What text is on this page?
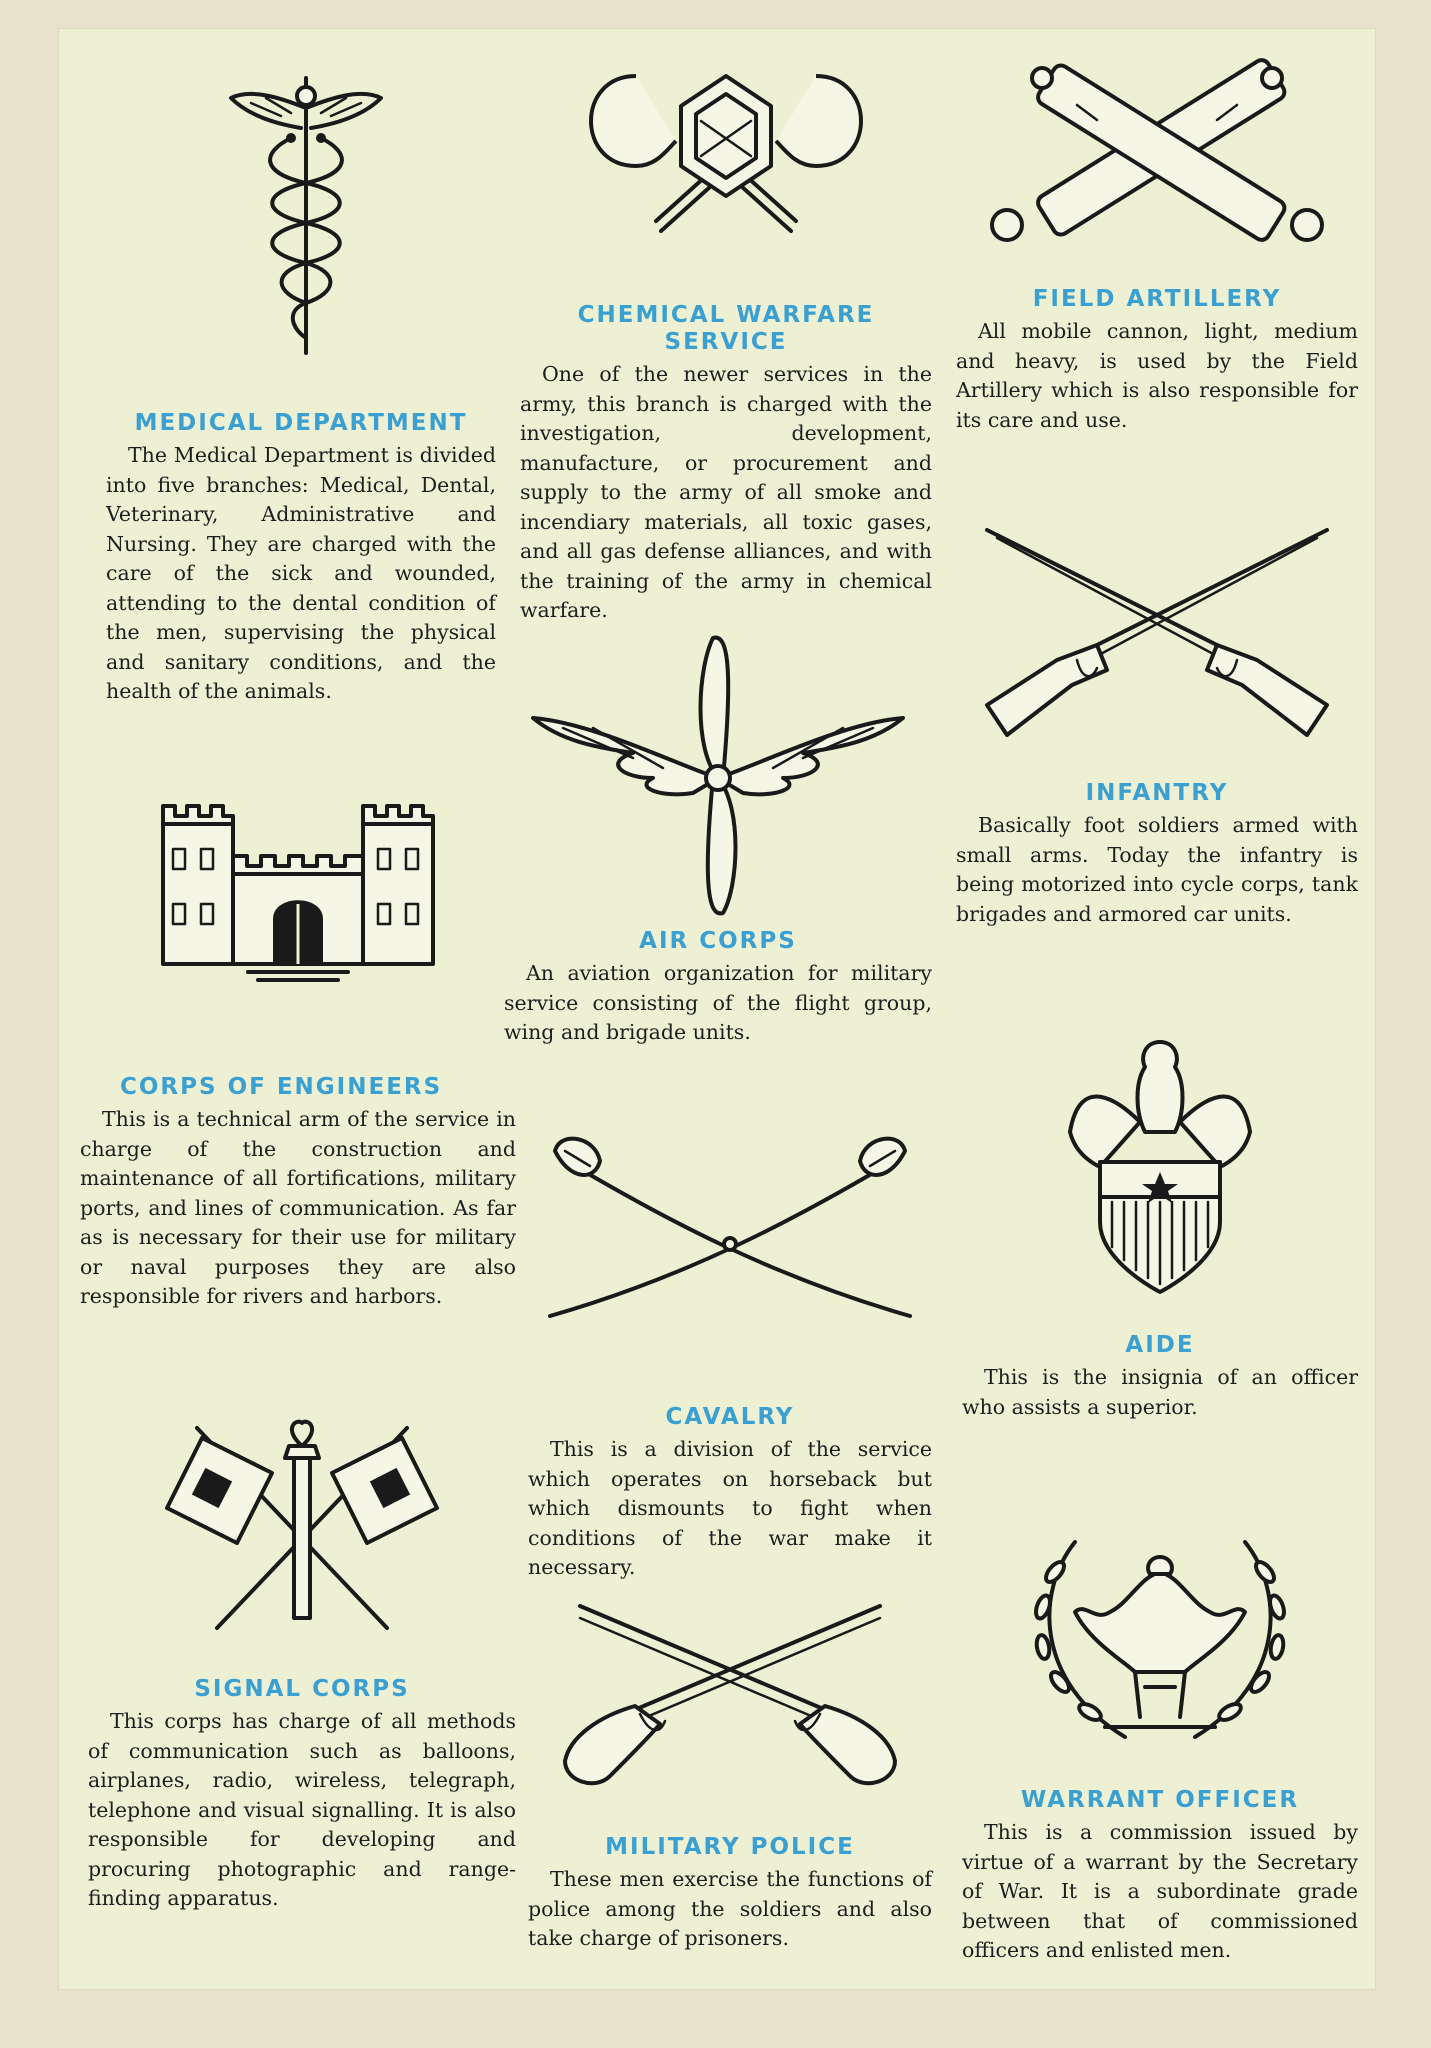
MEDICAL DEPARTMENT

The Medical Department is divided into five branches: Medical, Dental, Veterinary, Administrative and Nursing. They are charged with the care of the sick and wounded, attending to the dental condition of the men, supervising the physical and sanitary conditions, and the health of the animals.

CHEMICAL WARFARE SERVICE

One of the newer services in the army, this branch is charged with the investigation, development, manufacture, or procurement and supply to the army of all smoke and incendiary materials, all toxic gases, and all gas defense alliances, and with the training of the army in chemical warfare.

FIELD ARTILLERY

All mobile cannon, light, medium and heavy, is used by the Field Artillery which is also responsible for its care and use.

INFANTRY

Basically foot soldiers armed with small arms. Today the infantry is being motorized into cycle corps, tank brigades and armored car units.

CORPS OF ENGINEERS

This is a technical arm of the service in charge of the construction and maintenance of all fortifications, military ports, and lines of communication. As far as is necessary for their use for military or naval purposes they are also responsible for rivers and harbors.

AIR CORPS

An aviation organization for military service consisting of the flight group, wing and brigade units.

CAVALRY

This is a division of the service which operates on horseback but which dismounts to fight when conditions of the war make it necessary.

AIDE

This is the insignia of an officer who assists a superior.

SIGNAL CORPS

This corps has charge of all methods of communication such as balloons, airplanes, radio, wireless, telegraph, telephone and visual signalling. It is also responsible for developing and procuring photographic and range-finding apparatus.

MILITARY POLICE

These men exercise the functions of police among the soldiers and also take charge of prisoners.

WARRANT OFFICER

This is a commission issued by virtue of a warrant by the Secretary of War. It is a subordinate grade between that of commissioned officers and enlisted men.
